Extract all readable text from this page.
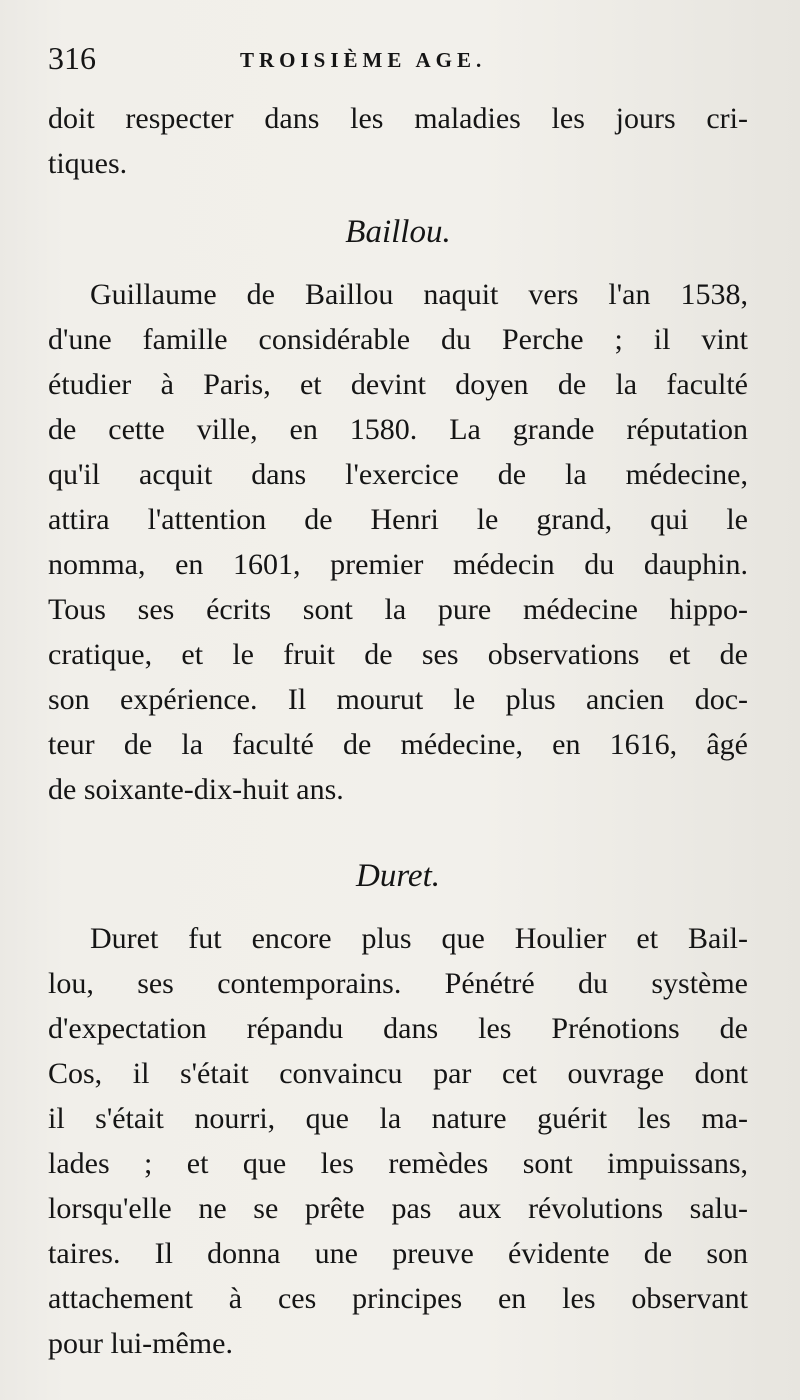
316	TROISIÈME AGE.
doit respecter dans les maladies les jours cri-
tiques.
Baillou.
Guillaume de Baillou naquit vers l'an 1538,
d'une famille considérable du Perche ; il vint
étudier à Paris, et devint doyen de la faculté
de cette ville, en 1580. La grande réputation
qu'il acquit dans l'exercice de la médecine,
attira l'attention de Henri le grand, qui le
nomma, en 1601, premier médecin du dauphin.
Tous ses écrits sont la pure médecine hippo-
cratique, et le fruit de ses observations et de
son expérience. Il mourut le plus ancien doc-
teur de la faculté de médecine, en 1616, âgé
de soixante-dix-huit ans.
Duret.
Duret fut encore plus que Houlier et Bail-
lou, ses contemporains. Pénétré du système
d'expectation répandu dans les Prénotions de
Cos, il s'était convaincu par cet ouvrage dont
il s'était nourri, que la nature guérit les ma-
lades ; et que les remèdes sont impuissans,
lorsqu'elle ne se prête pas aux révolutions salu-
taires. Il donna une preuve évidente de son
attachement à ces principes en les observant
pour lui-même.
